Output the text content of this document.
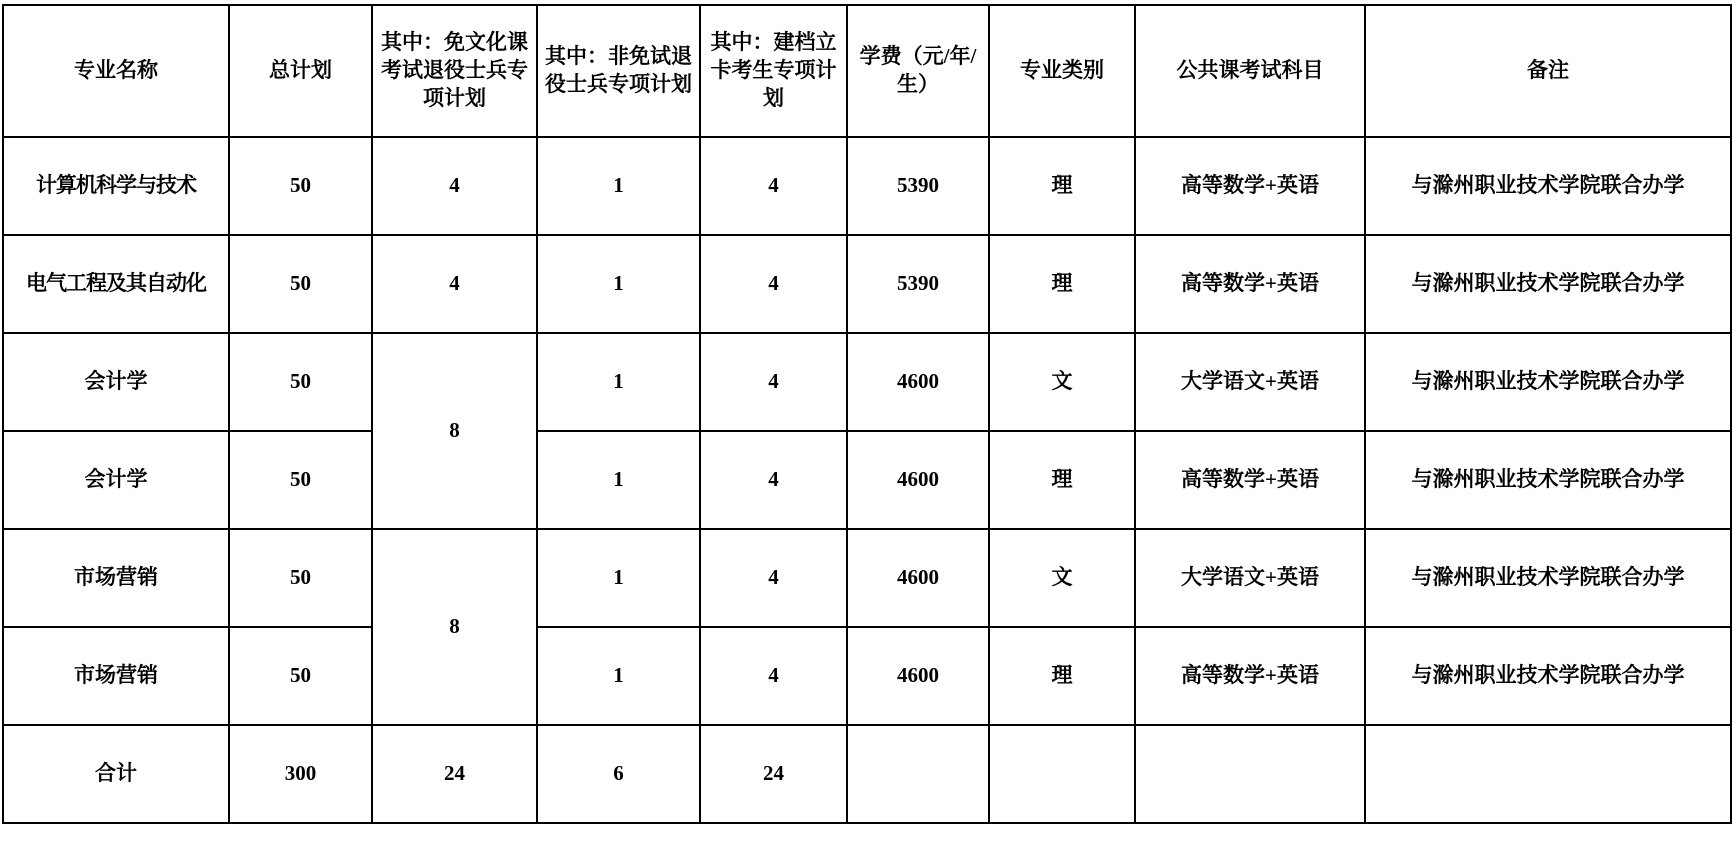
专业名称	总计划	其中：免文化课考试退役士兵专项计划	其中：非免试退役士兵专项计划	其中：建档立卡考生专项计划	学费（元/年/生）	专业类别	公共课考试科目	备注
计算机科学与技术	50	4	1	4	5390	理	高等数学+英语	与滁州职业技术学院联合办学
电气工程及其自动化	50	4	1	4	5390	理	高等数学+英语	与滁州职业技术学院联合办学
会计学	50	8	1	4	4600	文	大学语文+英语	与滁州职业技术学院联合办学
会计学	50		1	4	4600	理	高等数学+英语	与滁州职业技术学院联合办学
市场营销	50	8	1	4	4600	文	大学语文+英语	与滁州职业技术学院联合办学
市场营销	50		1	4	4600	理	高等数学+英语	与滁州职业技术学院联合办学
合计	300	24	6	24				
